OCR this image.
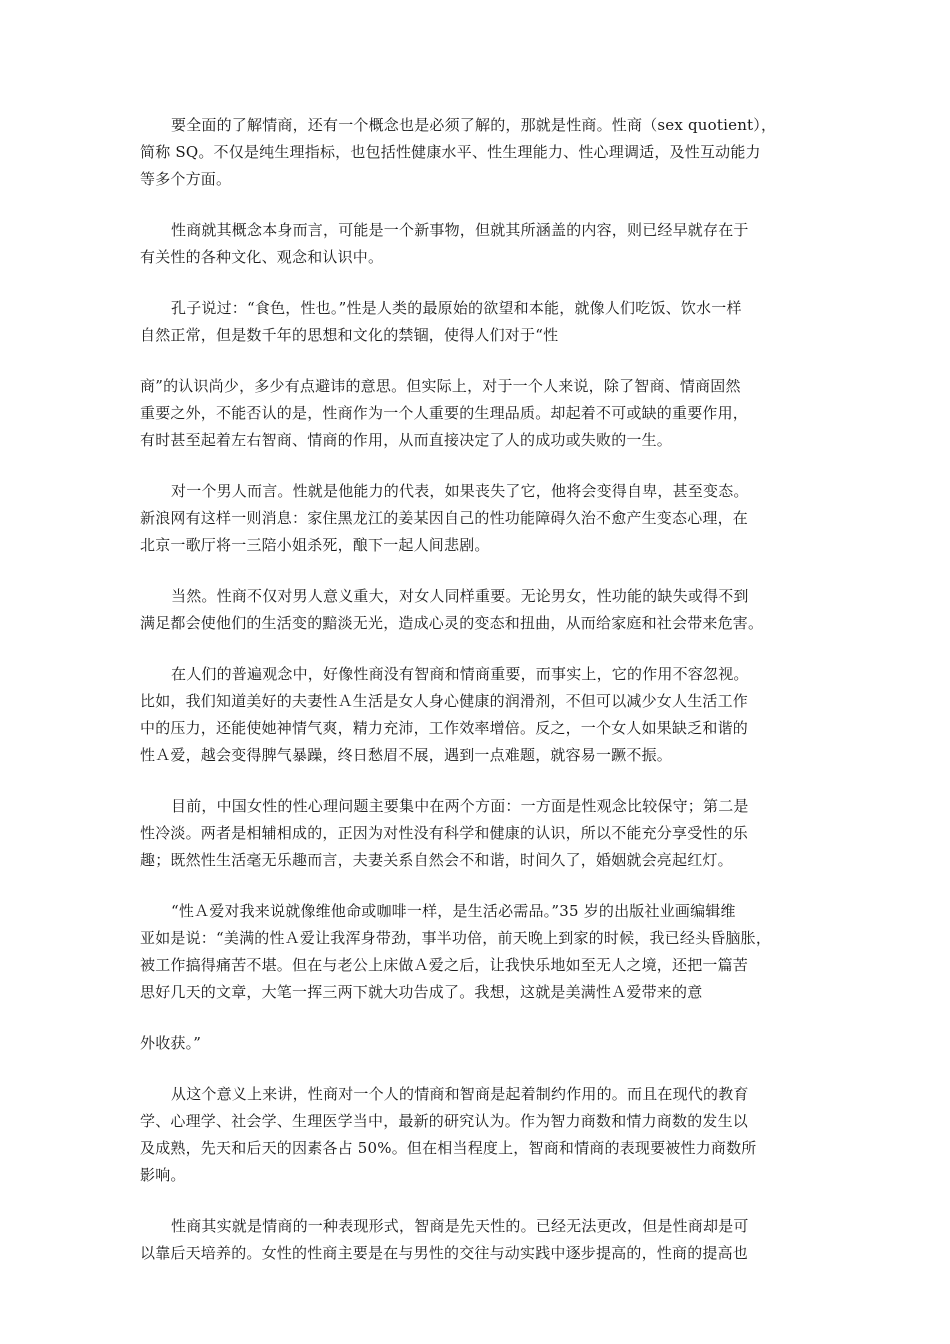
要全面的了解情商，还有一个概念也是必须了解的，那就是性商。性商（sex quotient），
简称 SQ。不仅是纯生理指标，也包括性健康水平、性生理能力、性心理调适，及性互动能力
等多个方面。

性商就其概念本身而言，可能是一个新事物，但就其所涵盖的内容，则已经早就存在于
有关性的各种文化、观念和认识中。

孔子说过：“食色，性也。”性是人类的最原始的欲望和本能，就像人们吃饭、饮水一样
自然正常，但是数千年的思想和文化的禁锢，使得人们对于“性

商”的认识尚少，多少有点避讳的意思。但实际上，对于一个人来说，除了智商、情商固然
重要之外，不能否认的是，性商作为一个人重要的生理品质。却起着不可或缺的重要作用，
有时甚至起着左右智商、情商的作用，从而直接决定了人的成功或失败的一生。

对一个男人而言。性就是他能力的代表，如果丧失了它，他将会变得自卑，甚至变态。
新浪网有这样一则消息：家住黑龙江的姜某因自己的性功能障碍久治不愈产生变态心理，在
北京一歌厅将一三陪小姐杀死，酿下一起人间悲剧。

当然。性商不仅对男人意义重大，对女人同样重要。无论男女，性功能的缺失或得不到
满足都会使他们的生活变的黯淡无光，造成心灵的变态和扭曲，从而给家庭和社会带来危害。

在人们的普遍观念中，好像性商没有智商和情商重要，而事实上，它的作用不容忽视。
比如，我们知道美好的夫妻性Ａ生活是女人身心健康的润滑剂，不但可以减少女人生活工作
中的压力，还能使她神情气爽，精力充沛，工作效率增倍。反之，一个女人如果缺乏和谐的
性Ａ爱，越会变得脾气暴躁，终日愁眉不展，遇到一点难题，就容易一蹶不振。

目前，中国女性的性心理问题主要集中在两个方面：一方面是性观念比较保守；第二是
性冷淡。两者是相辅相成的，正因为对性没有科学和健康的认识，所以不能充分享受性的乐
趣；既然性生活毫无乐趣而言，夫妻关系自然会不和谐，时间久了，婚姻就会亮起红灯。

“性Ａ爱对我来说就像维他命或咖啡一样，是生活必需品。”35 岁的出版社业画编辑维
亚如是说：“美满的性Ａ爱让我浑身带劲，事半功倍，前天晚上到家的时候，我已经头昏脑胀，
被工作搞得痛苦不堪。但在与老公上床做Ａ爱之后，让我快乐地如至无人之境，还把一篇苦
思好几天的文章，大笔一挥三两下就大功告成了。我想，这就是美满性Ａ爱带来的意

外收获。”

从这个意义上来讲，性商对一个人的情商和智商是起着制约作用的。而且在现代的教育
学、心理学、社会学、生理医学当中，最新的研究认为。作为智力商数和情力商数的发生以
及成熟，先天和后天的因素各占 50%。但在相当程度上，智商和情商的表现要被性力商数所
影响。

性商其实就是情商的一种表现形式，智商是先天性的。已经无法更改，但是性商却是可
以靠后天培养的。女性的性商主要是在与男性的交往与动实践中逐步提高的，性商的提高也
